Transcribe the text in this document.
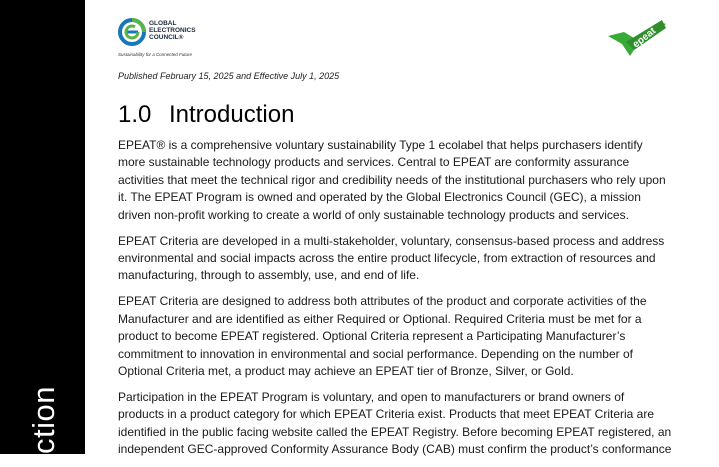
ction
GLOBAL
ELECTRONICS
COUNCIL®
Sustainability for a Connected Future
epeat
Published February 15, 2025 and Effective July 1, 2025
1.0 Introduction

EPEAT® is a comprehensive voluntary sustainability Type 1 ecolabel that helps purchasers identify more sustainable technology products and services. Central to EPEAT are conformity assurance activities that meet the technical rigor and credibility needs of the institutional purchasers who rely upon it. The EPEAT Program is owned and operated by the Global Electronics Council (GEC), a mission driven non-profit working to create a world of only sustainable technology products and services.

EPEAT Criteria are developed in a multi-stakeholder, voluntary, consensus-based process and address environmental and social impacts across the entire product lifecycle, from extraction of resources and manufacturing, through to assembly, use, and end of life.

EPEAT Criteria are designed to address both attributes of the product and corporate activities of the Manufacturer and are identified as either Required or Optional. Required Criteria must be met for a product to become EPEAT registered. Optional Criteria represent a Participating Manufacturer’s commitment to innovation in environmental and social performance. Depending on the number of Optional Criteria met, a product may achieve an EPEAT tier of Bronze, Silver, or Gold.

Participation in the EPEAT Program is voluntary, and open to manufacturers or brand owners of products in a product category for which EPEAT Criteria exist. Products that meet EPEAT Criteria are identified in the public facing website called the EPEAT Registry. Before becoming EPEAT registered, an independent GEC-approved Conformity Assurance Body (CAB) must confirm the product’s conformance
